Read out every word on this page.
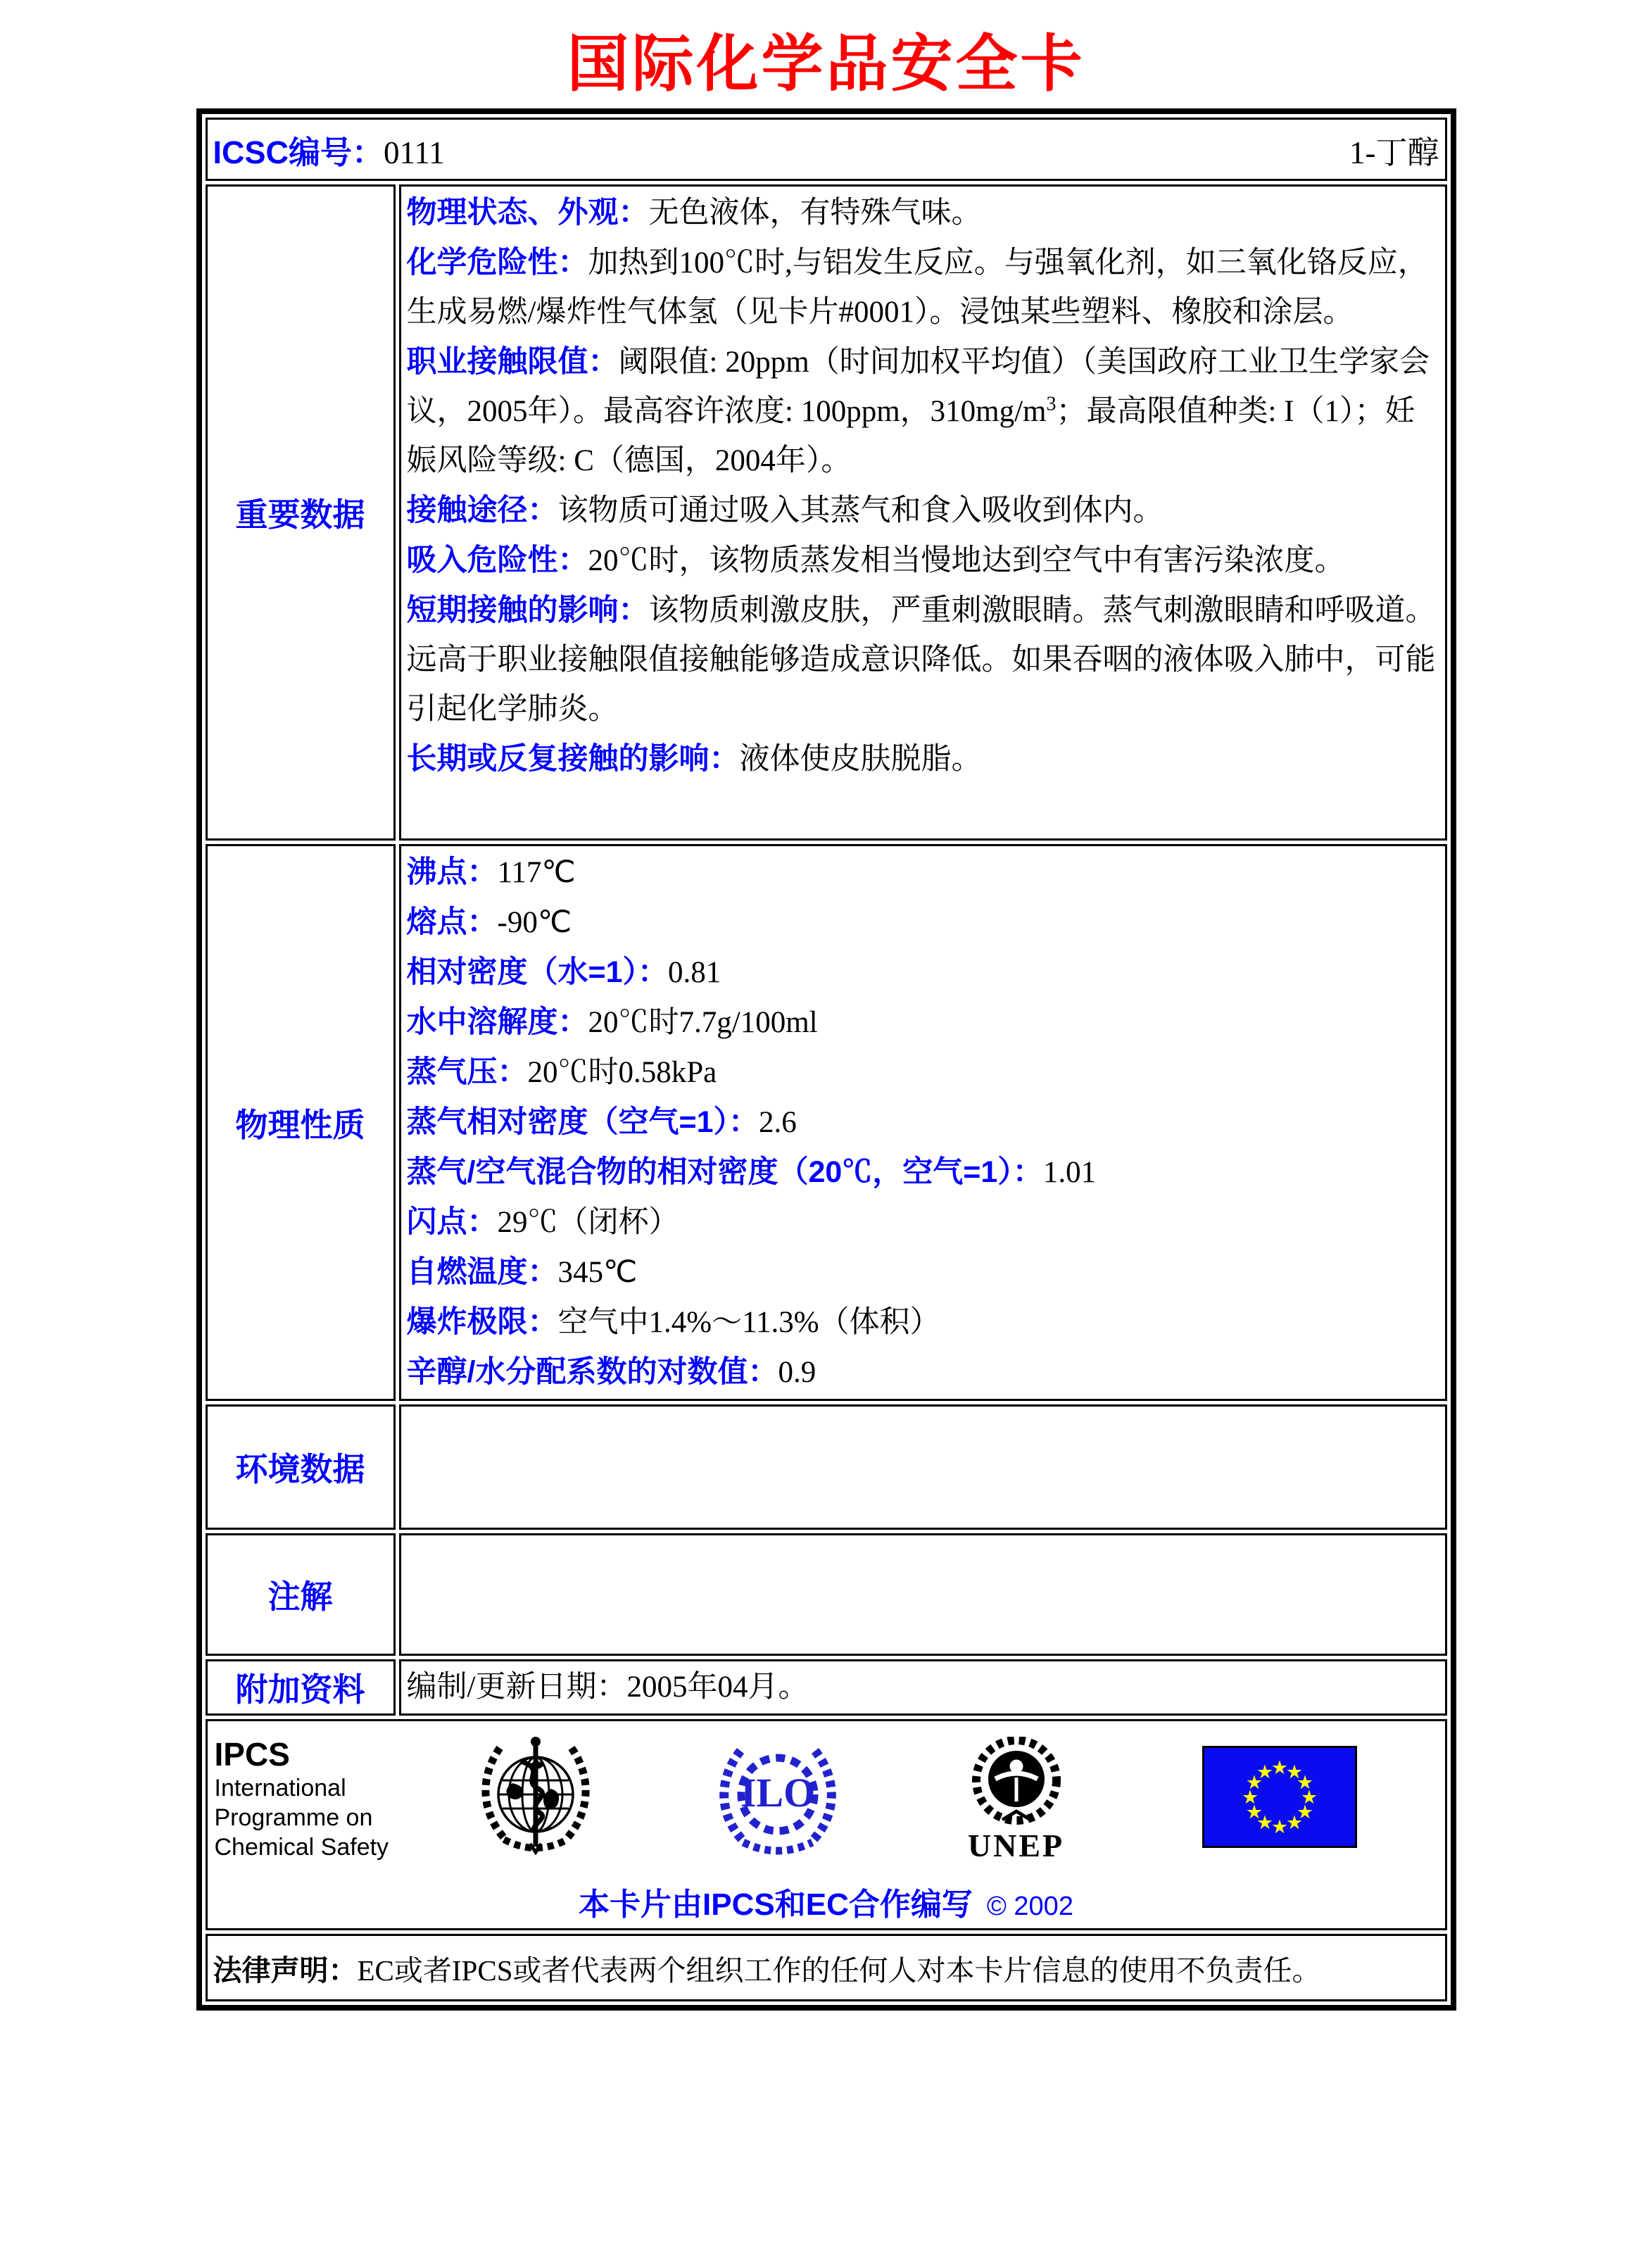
国际化学品安全卡
ICSC编号：0111 1-丁醇	

重要数据	
物理状态、外观：无色液体，有特殊气味。
化学危险性：加热到100℃时,与铝发生反应。与强氧化剂，如三氧化铬反应，生成易燃/爆炸性气体氢（见卡片#0001）。浸蚀某些塑料、橡胶和涂层。
职业接触限值：阈限值: 20ppm（时间加权平均值）（美国政府工业卫生学家会议，2005年）。最高容许浓度: 100ppm，$310mg/m^3$；最高限值种类: I（1）；妊娠风险等级: C（德国，2004年）。
接触途径：该物质可通过吸入其蒸气和食入吸收到体内。
吸入危险性：20℃时，该物质蒸发相当慢地达到空气中有害污染浓度。
短期接触的影响：该物质刺激皮肤，严重刺激眼睛。蒸气刺激眼睛和呼吸道。远高于职业接触限值接触能够造成意识降低。如果吞咽的液体吸入肺中，可能引起化学肺炎。
长期或反复接触的影响：液体使皮肤脱脂。

物理性质	
沸点：117℃
熔点：-90℃
相对密度（水=1）：0.81
水中溶解度：20℃时7.7g/100ml
蒸气压：20℃时0.58kPa
蒸气相对密度（空气=1）：2.6
蒸气/空气混合物的相对密度（20℃，空气=1）：1.01
闪点：29℃（闭杯）
自燃温度：345℃
爆炸极限：空气中1.4%～11.3%（体积）
辛醇/水分配系数的对数值：0.9

环境数据	
注解	
附加资料	编制/更新日期：2005年04月。

IPCS
International
Programme on
Chemical Safety
ILO
UNEP
★
★
★
★
★
★
★
★
★
★
★
★
本卡片由IPCS和EC合作编写 © 2002

法律声明：EC或者IPCS或者代表两个组织工作的任何人对本卡片信息的使用不负责任。	
